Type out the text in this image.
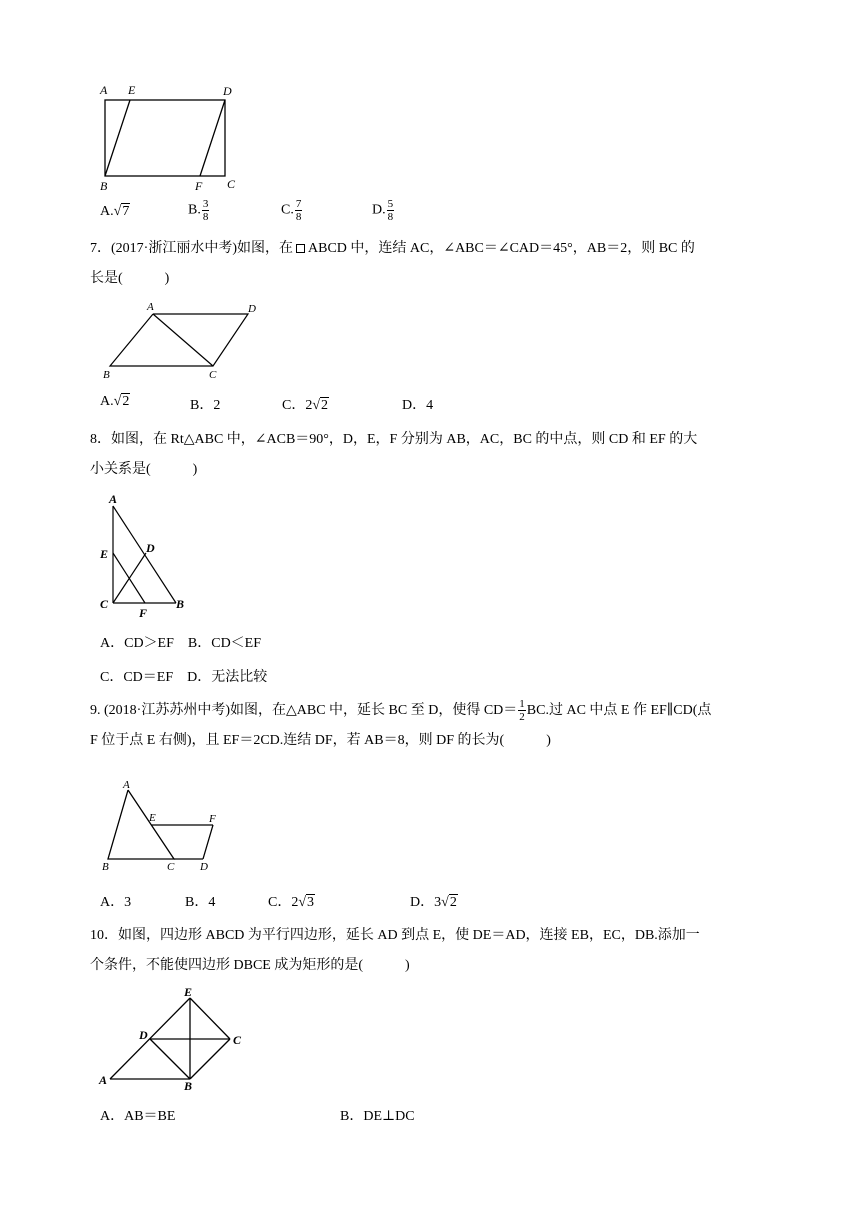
A E	D
B	F C
A.√7	B. $\frac{3}{8}$	C. $\frac{7}{8}$	D. $\frac{5}{8}$
7．(2017·浙江丽水中考)如图，在 ABCD 中，连结 AC，∠ABC＝∠CAD＝45°，AB＝2，则 BC 的
长是(　　　)
A	D
B	C
A.√2	B．2	C．2√2	D．4
8．如图，在 Rt△ABC 中，∠ACB＝90°，D，E，F 分别为 AB，AC，BC 的中点，则 CD 和 EF 的大
小关系是(　　　)
A
E	D
C
F
B
A．CD＞EF　B．CD＜EF
C．CD＝EF　D．无法比较
9. (2018·江苏苏州中考)如图，在△ABC 中，延长 BC 至 D，使得 $CD= \frac{1}{2}$ BC.过 AC 中点 E 作 EF∥CD(点
F 位于点 E 右侧)，且 EF＝2CD.连结 DF，若 AB＝8，则 DF 的长为(　　　)
A
E	F
B	C D
A．3	B．4	C．2√3	D．3√2
10．如图，四边形 ABCD 为平行四边形，延长 AD 到点 E，使 DE＝AD，连接 EB，EC，DB.添加一
个条件，不能使四边形 DBCE 成为矩形的是(　　　)
E
D	C
A	B
A．AB＝BE	B．DE⊥DC
